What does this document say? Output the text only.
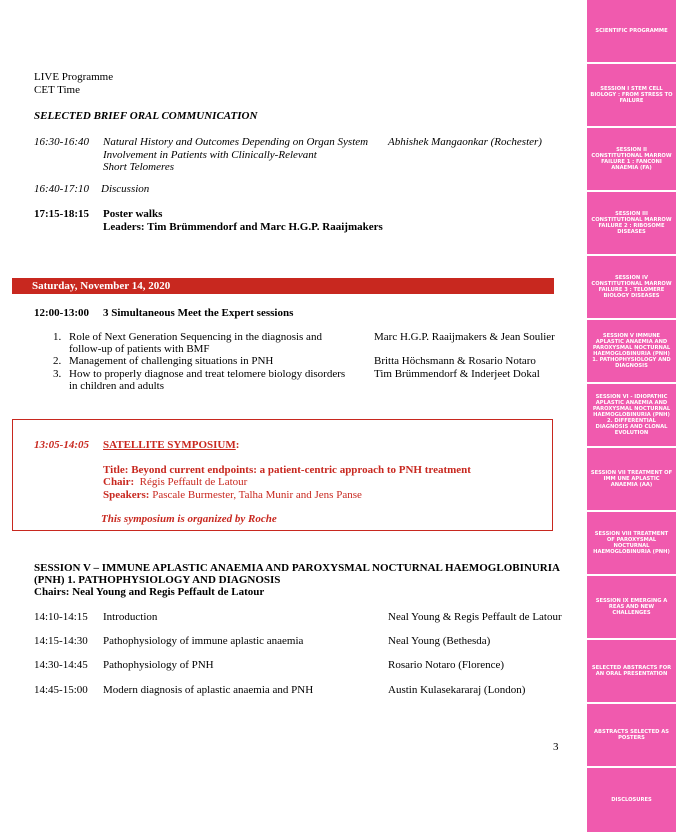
LIVE Programme
CET Time
SELECTED BRIEF ORAL COMMUNICATION
16:30-16:40 Natural History and Outcomes Depending on Organ System
Involvement in Patients with Clinically-Relevant
Short Telomeres
Abhishek Mangaonkar (Rochester)
16:40-17:10 Discussion
17:15-18:15 Poster walks
Leaders: Tim Brümmendorf and Marc H.G.P. Raaijmakers
Saturday, November 14, 2020
12:00-13:00 3 Simultaneous Meet the Expert sessions
1. Role of Next Generation Sequencing in the diagnosis and
follow-up of patients with BMF
Marc H.G.P. Raaijmakers & Jean Soulier
2. Management of challenging situations in PNH	Britta Höchsmann & Rosario Notaro
3. How to properly diagnose and treat telomere biology disorders
in children and adults
Tim Brümmendorf & Inderjeet Dokal
13:05-14:05 SATELLITE SYMPOSIUM:
Title: Beyond current endpoints: a patient-centric approach to PNH treatment
Chair: Régis Peffault de Latour
Speakers: Pascale Burmester, Talha Munir and Jens Panse
This symposium is organized by Roche
SESSION V – IMMUNE APLASTIC ANAEMIA AND PAROXYSMAL NOCTURNAL HAEMOGLOBINURIA
(PNH) 1. PATHOPHYSIOLOGY AND DIAGNOSIS
Chairs: Neal Young and Regis Peffault de Latour
14:10-14:15 Introduction	Neal Young & Regis Peffault de Latour
14:15-14:30 Pathophysiology of immune aplastic anaemia	Neal Young (Bethesda)
14:30-14:45 Pathophysiology of PNH	Rosario Notaro (Florence)
14:45-15:00 Modern diagnosis of aplastic anaemia and PNH	Austin Kulasekararaj (London)
3
SCIENTIFIC PROGRAMME
SESSION I STEM CELL BIOLOGY : FROM STRESS TO FAILURE
SESSION II CONSTITUTIONAL MARROW FAILURE 1 : FANCONI ANAEMIA (FA)
SESSION III CONSTITUTIONAL MARROW FAILURE 2 : RIBOSOME DISEASES
SESSION IV CONSTITUTIONAL MARROW FAILURE 3 : TELOMERE BIOLOGY DISEASES
SESSION V IMMUNE APLASTIC ANAEMIA AND PAROXYSMAL NOCTURNAL HAEMOGLOBINURIA (PNH) 1. PATHOPHYSIOLOGY AND DIAGNOSIS
SESSION VI - IDIOPATHIC APLASTIC ANAEMIA AND PAROXYSMAL NOCTURNAL HAEMOGLOBINURIA (PNH) 2. DIFFERENTIAL DIAGNOSIS AND CLONAL EVOLUTION
SESSION VII TREATMENT OF IMM UNE APLASTIC ANAEMIA (AA)
SESSION VIII TREATMENT OF PAROXYSMAL NOCTURNAL HAEMOGLOBINURIA (PNH)
SESSION IX EMERGING A REAS AND NEW CHALLENGES
SELECTED ABSTRACTS FOR AN ORAL PRESENTATION
ABSTRACTS SELECTED AS POSTERS
DISCLOSURES
